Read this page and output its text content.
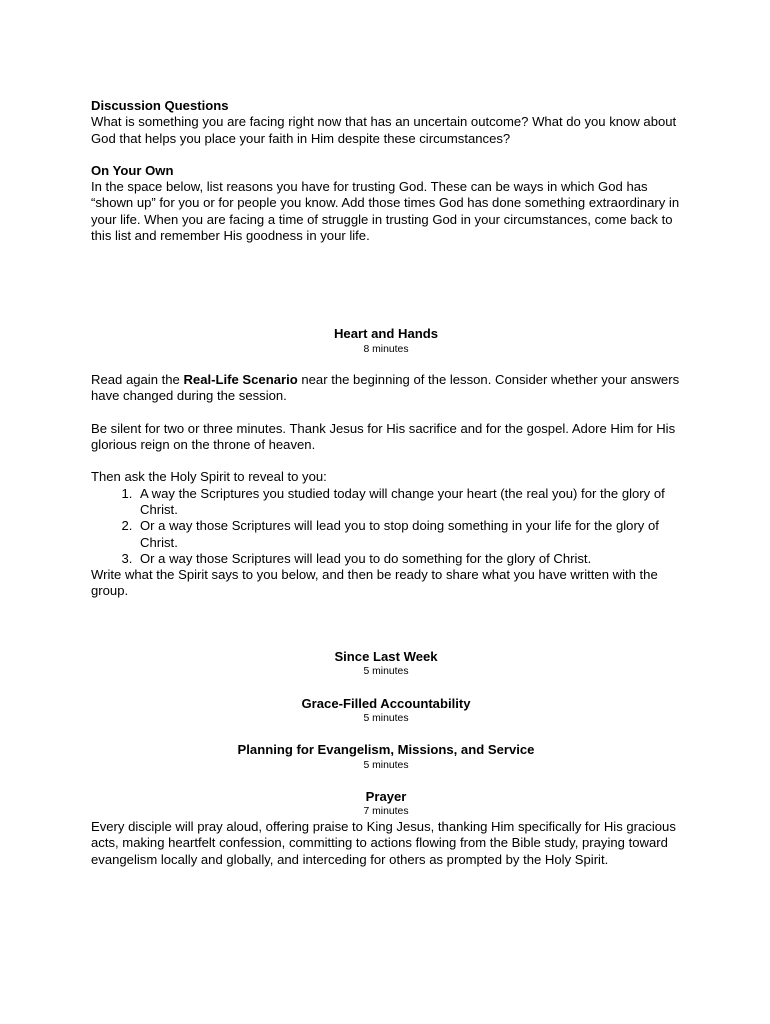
Discussion Questions

What is something you are facing right now that has an uncertain outcome? What do you know about God that helps you place your faith in Him despite these circumstances?

On Your Own

In the space below, list reasons you have for trusting God. These can be ways in which God has “shown up” for you or for people you know. Add those times God has done something extraordinary in your life. When you are facing a time of struggle in trusting God in your circumstances, come back to this list and remember His goodness in your life.

Heart and Hands

8 minutes

Read again the Real-Life Scenario near the beginning of the lesson. Consider whether your answers have changed during the session.

Be silent for two or three minutes. Thank Jesus for His sacrifice and for the gospel. Adore Him for His glorious reign on the throne of heaven.

Then ask the Holy Spirit to reveal to you:

1. A way the Scriptures you studied today will change your heart (the real you) for the glory of Christ.
2. Or a way those Scriptures will lead you to stop doing something in your life for the glory of Christ.
3. Or a way those Scriptures will lead you to do something for the glory of Christ.

Write what the Spirit says to you below, and then be ready to share what you have written with the group.

Since Last Week

5 minutes

Grace-Filled Accountability

5 minutes

Planning for Evangelism, Missions, and Service

5 minutes

Prayer

7 minutes

Every disciple will pray aloud, offering praise to King Jesus, thanking Him specifically for His gracious acts, making heartfelt confession, committing to actions flowing from the Bible study, praying toward evangelism locally and globally, and interceding for others as prompted by the Holy Spirit.
